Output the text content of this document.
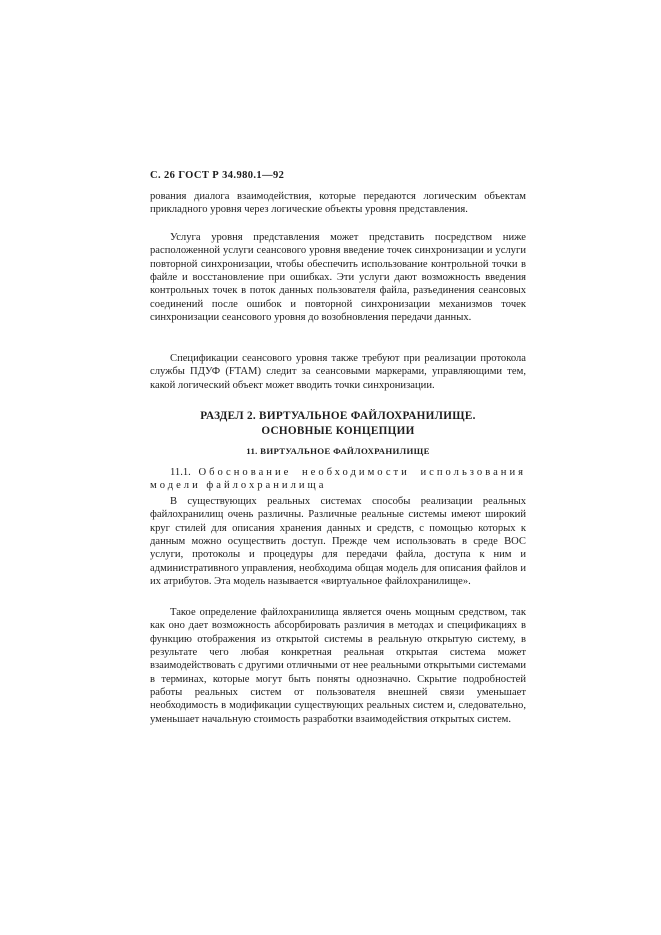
С. 26 ГОСТ Р 34.980.1—92

рования диалога взаимодействия, которые передаются логическим объектам прикладного уровня через логические объекты уровня представления.

Услуга уровня представления может представить посредством ниже расположенной услуги сеансового уровня введение точек синхронизации и услуги повторной синхронизации, чтобы обеспечить использование контрольной точки в файле и восстановление при ошибках. Эти услуги дают возможность введения контрольных точек в поток данных пользователя файла, разъединения сеансовых соединений после ошибок и повторной синхронизации механизмов точек синхронизации сеансового уровня до возобновления передачи данных.

Спецификации сеансового уровня также требуют при реализации протокола службы ПДУФ (FTAM) следит за сеансовыми маркерами, управляющими тем, какой логический объект может вводить точки синхронизации.

РАЗДЕЛ 2. ВИРТУАЛЬНОЕ ФАЙЛОХРАНИЛИЩЕ.
ОСНОВНЫЕ КОНЦЕПЦИИ
11. ВИРТУАЛЬНОЕ ФАЙЛОХРАНИЛИЩЕ

11.1. Обоснование необходимости использования модели файлохранилища

В существующих реальных системах способы реализации реальных файлохранилищ очень различны. Различные реальные системы имеют широкий круг стилей для описания хранения данных и средств, с помощью которых к данным можно осуществить доступ. Прежде чем использовать в среде ВОС услуги, протоколы и процедуры для передачи файла, доступа к ним и административного управления, необходима общая модель для описания файлов и их атрибутов. Эта модель называется «виртуальное файлохранилище».

Такое определение файлохранилища является очень мощным средством, так как оно дает возможность абсорбировать различия в методах и спецификациях в функцию отображения из открытой системы в реальную открытую систему, в результате чего любая конкретная реальная открытая система может взаимодействовать с другими отличными от нее реальными открытыми системами в терминах, которые могут быть поняты однозначно. Скрытие подробностей работы реальных систем от пользователя внешней связи уменьшает необходимость в модификации существующих реальных систем и, следовательно, уменьшает начальную стоимость разработки взаимодействия открытых систем.
